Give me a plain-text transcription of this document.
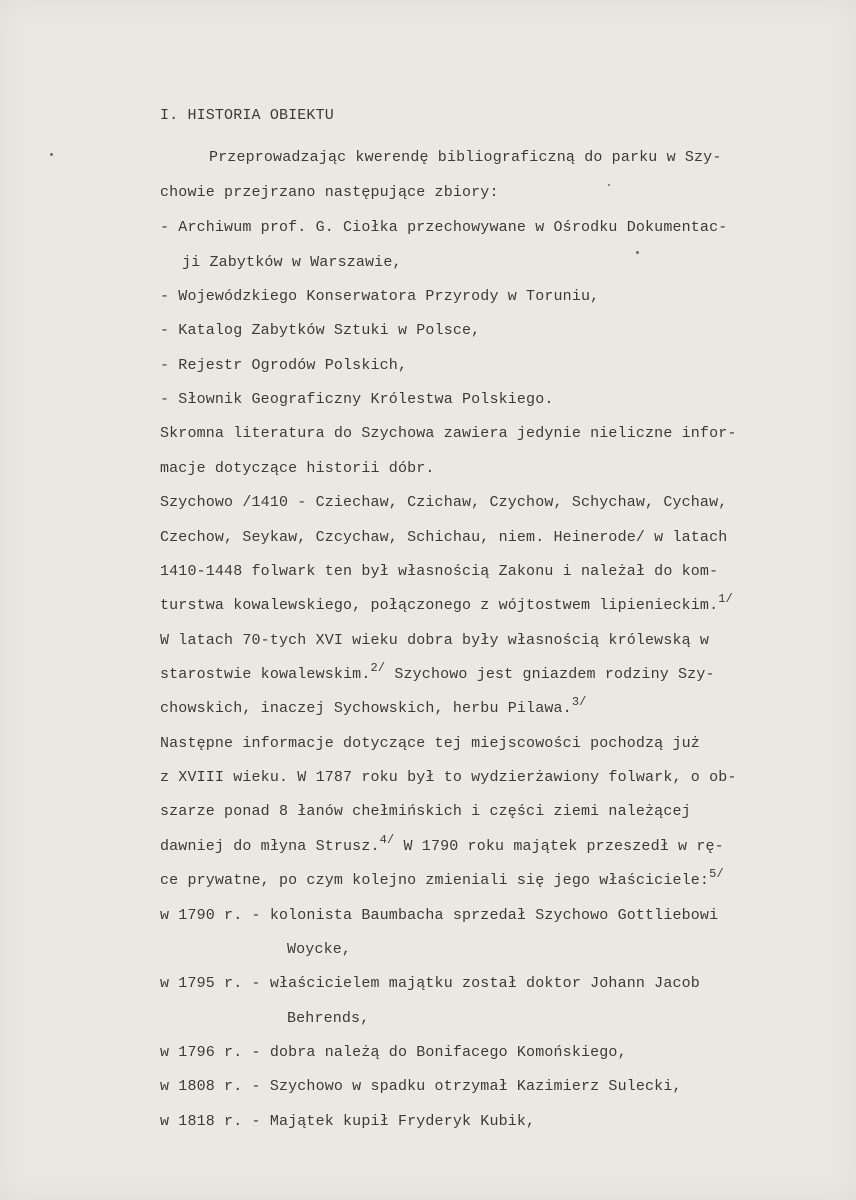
I. HISTORIA OBIEKTU
Przeprowadzając kwerendę bibliograficzną do parku w Szy-
chowie przejrzano następujące zbiory:
- Archiwum prof. G. Ciołka przechowywane w Ośrodku Dokumentac-
ji Zabytków w Warszawie,
- Wojewódzkiego Konserwatora Przyrody w Toruniu,
- Katalog Zabytków Sztuki w Polsce,
- Rejestr Ogrodów Polskich,
- Słownik Geograficzny Królestwa Polskiego.
Skromna literatura do Szychowa zawiera jedynie nieliczne infor-
macje dotyczące historii dóbr.
Szychowo /1410 - Cziechaw, Czichaw, Czychow, Schychaw, Cychaw,
Czechow, Seykaw, Czcychaw, Schichau, niem. Heinerode/ w latach
1410-1448 folwark ten był własnością Zakonu i należał do kom-
turstwa kowalewskiego, połączonego z wójtostwem lipienieckim.$^{1/}$
W latach 70-tych XVI wieku dobra były własnością królewską w
starostwie kowalewskim.$^{2/}$ Szychowo jest gniazdem rodziny Szy-
chowskich, inaczej Sychowskich, herbu Pilawa.$^{3/}$
Następne informacje dotyczące tej miejscowości pochodzą już
z XVIII wieku. W 1787 roku był to wydzierżawiony folwark, o ob-
szarze ponad 8 łanów chełmińskich i części ziemi należącej
dawniej do młyna Strusz.$^{4/}$ W 1790 roku majątek przeszedł w rę-
ce prywatne, po czym kolejno zmieniali się jego właściciele:$^{5/}$
w 1790 r. - kolonista Baumbacha sprzedał Szychowo Gottliebowi
Woycke,
w 1795 r. - właścicielem majątku został doktor Johann Jacob
Behrends,
w 1796 r. - dobra należą do Bonifacego Komońskiego,
w 1808 r. - Szychowo w spadku otrzymał Kazimierz Sulecki,
w 1818 r. - Majątek kupił Fryderyk Kubik,
